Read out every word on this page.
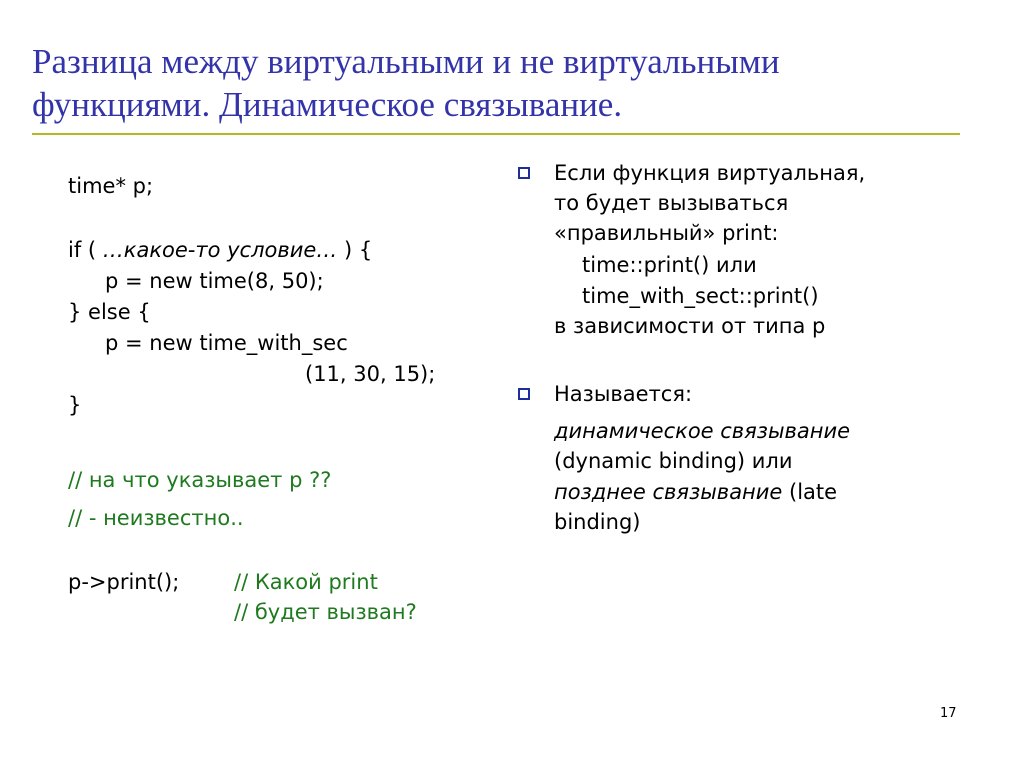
Разница между виртуальными и не виртуальными
функциями. Динамическое связывание.
time* p;
if ( …какое-то условие… ) {
p = new time(8, 50);
} else {
p = new time_with_sec
(11, 30, 15);
}
// на что указывает p ??
// - неизвестно..
p->print();	// Какой print
// будет вызван?
Если функция виртуальная,
то будет вызываться
«правильный» print:
time::print() или
time_with_sect::print()
в зависимости от типа p
Называется:
динамическое связывание
(dynamic binding) или
позднее связывание (late
binding)
17
